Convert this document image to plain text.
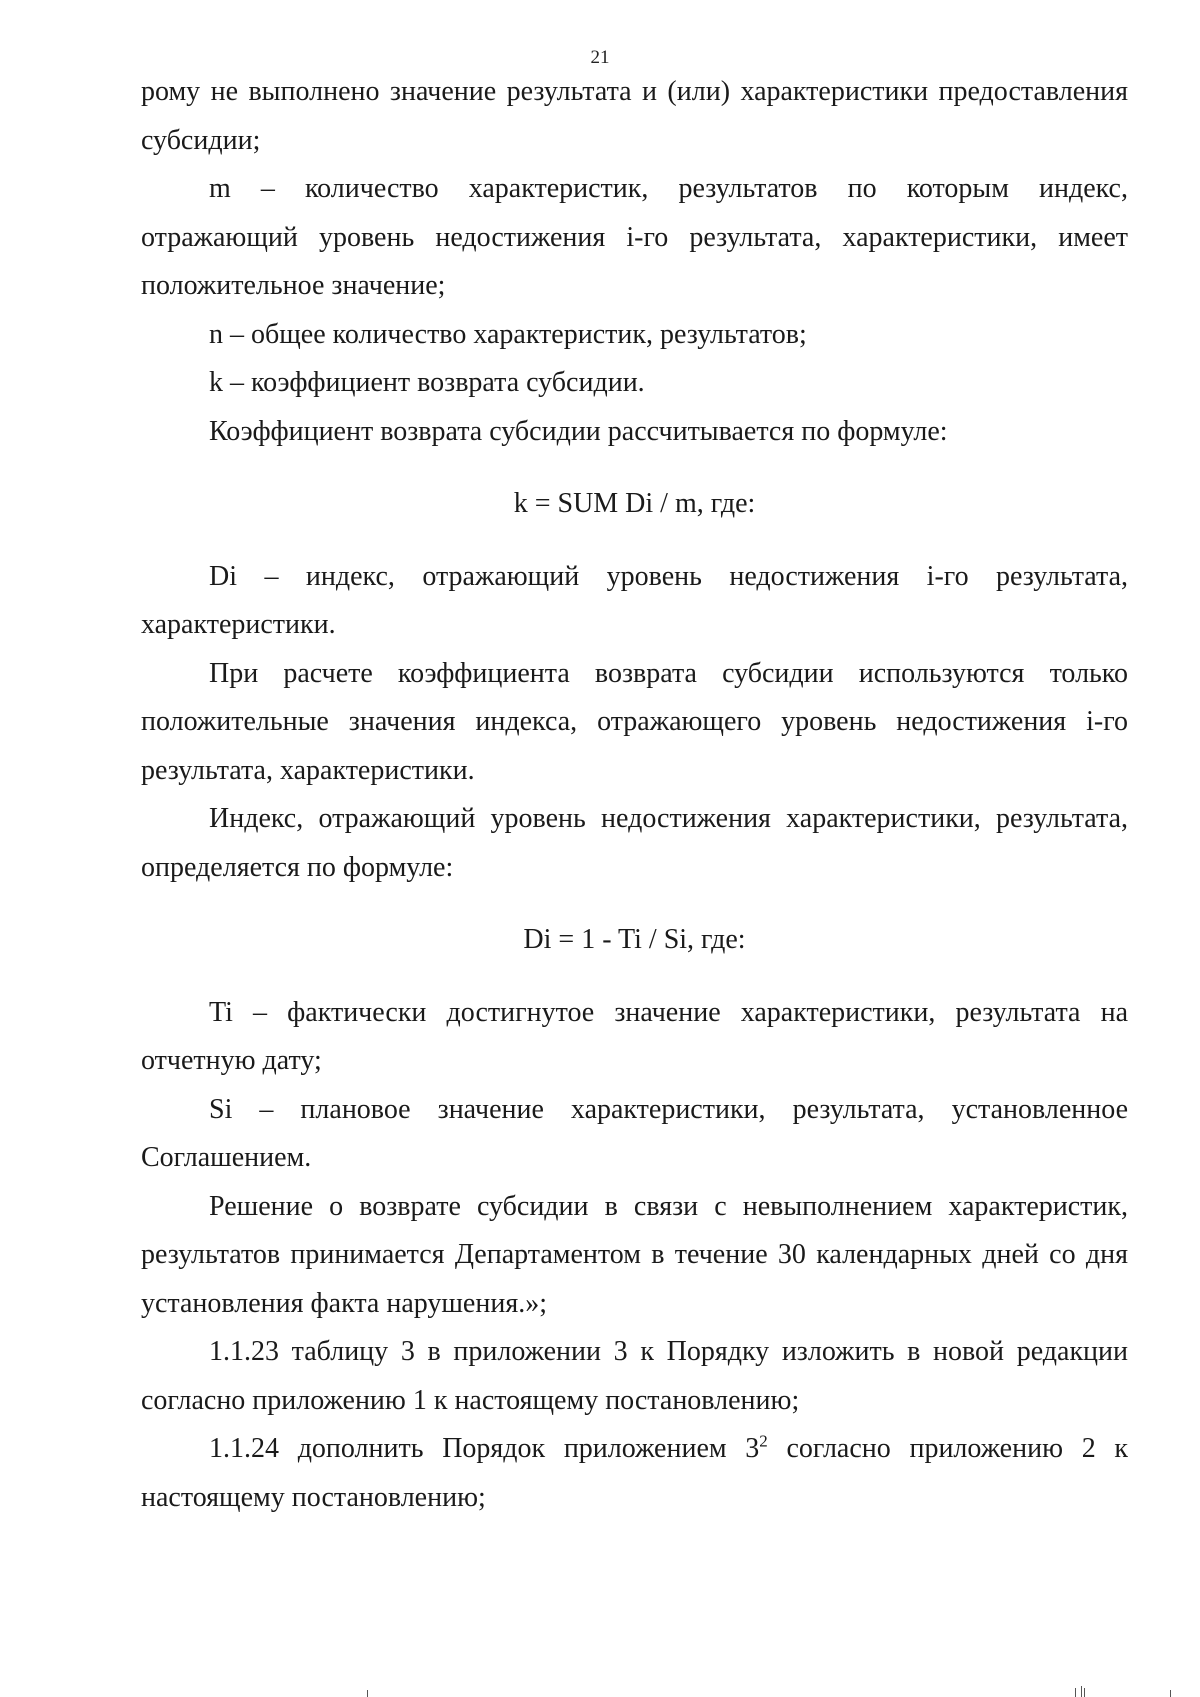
21

рому не выполнено значение результата и (или) характеристики предоставления субсидии;

m – количество характеристик, результатов по которым индекс, отражающий уровень недостижения i-го результата, характеристики, имеет положительное значение;

n – общее количество характеристик, результатов;

k – коэффициент возврата субсидии.

Коэффициент возврата субсидии рассчитывается по формуле:

k = SUM Di / m, где:

Di – индекс, отражающий уровень недостижения i-го результата, характеристики.

При расчете коэффициента возврата субсидии используются только положительные значения индекса, отражающего уровень недостижения i-го результата, характеристики.

Индекс, отражающий уровень недостижения характеристики, результата, определяется по формуле:

Di = 1 - Ti / Si, где:

Ti – фактически достигнутое значение характеристики, результата на отчетную дату;

Si – плановое значение характеристики, результата, установленное Соглашением.

Решение о возврате субсидии в связи с невыполнением характеристик, результатов принимается Департаментом в течение 30 календарных дней со дня установления факта нарушения.»;

1.1.23 таблицу 3 в приложении 3 к Порядку изложить в новой редакции согласно приложению 1 к настоящему постановлению;

1.1.24 дополнить Порядок приложением $3^2$ согласно приложению 2 к настоящему постановлению;
